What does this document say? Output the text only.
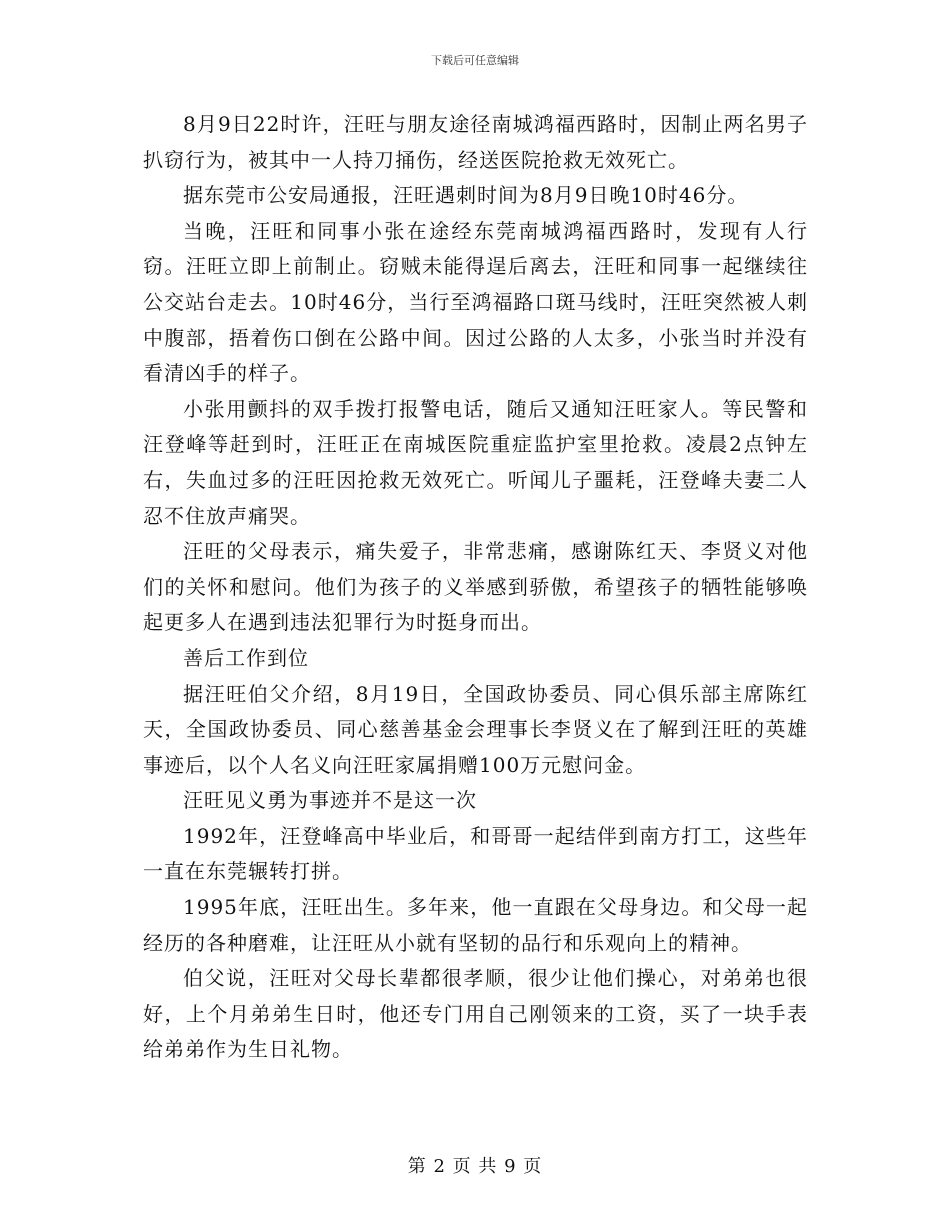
下载后可任意编辑

8月9日22时许，汪旺与朋友途径南城鸿福西路时，因制止两名男子扒窃行为，被其中一人持刀捅伤，经送医院抢救无效死亡。

据东莞市公安局通报，汪旺遇刺时间为8月9日晚10时46分。

当晚，汪旺和同事小张在途经东莞南城鸿福西路时，发现有人行窃。汪旺立即上前制止。窃贼未能得逞后离去，汪旺和同事一起继续往公交站台走去。10时46分，当行至鸿福路口斑马线时，汪旺突然被人刺中腹部，捂着伤口倒在公路中间。因过公路的人太多，小张当时并没有看清凶手的样子。

小张用颤抖的双手拨打报警电话，随后又通知汪旺家人。等民警和汪登峰等赶到时，汪旺正在南城医院重症监护室里抢救。凌晨2点钟左右，失血过多的汪旺因抢救无效死亡。听闻儿子噩耗，汪登峰夫妻二人忍不住放声痛哭。

汪旺的父母表示，痛失爱子，非常悲痛，感谢陈红天、李贤义对他们的关怀和慰问。他们为孩子的义举感到骄傲，希望孩子的牺牲能够唤起更多人在遇到违法犯罪行为时挺身而出。

善后工作到位

据汪旺伯父介绍，8月19日，全国政协委员、同心俱乐部主席陈红天，全国政协委员、同心慈善基金会理事长李贤义在了解到汪旺的英雄事迹后，以个人名义向汪旺家属捐赠100万元慰问金。

汪旺见义勇为事迹并不是这一次

1992年，汪登峰高中毕业后，和哥哥一起结伴到南方打工，这些年一直在东莞辗转打拼。

1995年底，汪旺出生。多年来，他一直跟在父母身边。和父母一起经历的各种磨难，让汪旺从小就有坚韧的品行和乐观向上的精神。

伯父说，汪旺对父母长辈都很孝顺，很少让他们操心，对弟弟也很好，上个月弟弟生日时，他还专门用自己刚领来的工资，买了一块手表给弟弟作为生日礼物。

第 2 页 共 9 页
